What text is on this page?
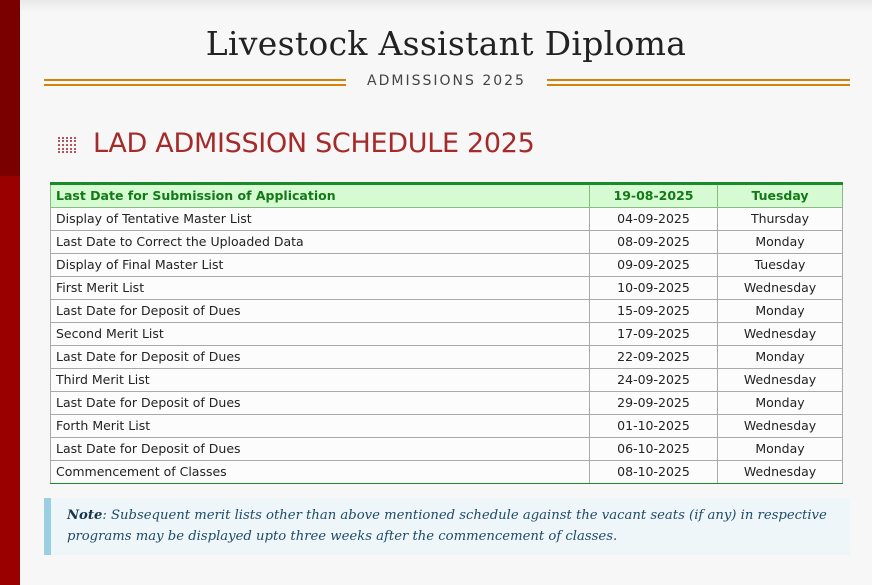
Livestock Assistant Diploma
ADMISSIONS 2025
LAD ADMISSION SCHEDULE 2025
Last Date for Submission of Application	19-08-2025	Tuesday
Display of Tentative Master List	04-09-2025	Thursday
Last Date to Correct the Uploaded Data	08-09-2025	Monday
Display of Final Master List	09-09-2025	Tuesday
First Merit List	10-09-2025	Wednesday
Last Date for Deposit of Dues	15-09-2025	Monday
Second Merit List	17-09-2025	Wednesday
Last Date for Deposit of Dues	22-09-2025	Monday
Third Merit List	24-09-2025	Wednesday
Last Date for Deposit of Dues	29-09-2025	Monday
Forth Merit List	01-10-2025	Wednesday
Last Date for Deposit of Dues	06-10-2025	Monday
Commencement of Classes	08-10-2025	Wednesday
Note: Subsequent merit lists other than above mentioned schedule against the vacant seats (if any) in respective programs may be displayed upto three weeks after the commencement of classes.
